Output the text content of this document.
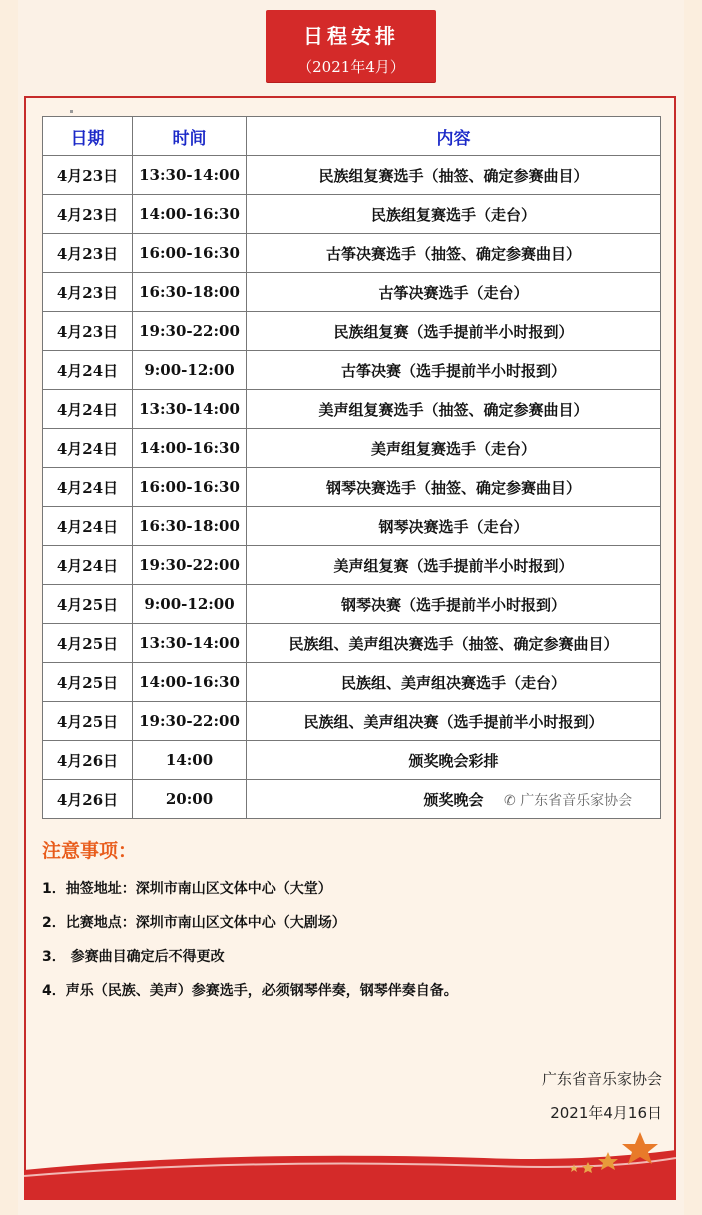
日程安排
（2021年4月）
日期	时间	内容
4月23日	13:30-14:00	民族组复赛选手（抽签、确定参赛曲目）
4月23日	14:00-16:30	民族组复赛选手（走台）
4月23日	16:00-16:30	古筝决赛选手（抽签、确定参赛曲目）
4月23日	16:30-18:00	古筝决赛选手（走台）
4月23日	19:30-22:00	民族组复赛（选手提前半小时报到）
4月24日	9:00-12:00	古筝决赛（选手提前半小时报到）
4月24日	13:30-14:00	美声组复赛选手（抽签、确定参赛曲目）
4月24日	14:00-16:30	美声组复赛选手（走台）
4月24日	16:00-16:30	钢琴决赛选手（抽签、确定参赛曲目）
4月24日	16:30-18:00	钢琴决赛选手（走台）
4月24日	19:30-22:00	美声组复赛（选手提前半小时报到）
4月25日	9:00-12:00	钢琴决赛（选手提前半小时报到）
4月25日	13:30-14:00	民族组、美声组决赛选手（抽签、确定参赛曲目）
4月25日	14:00-16:30	民族组、美声组决赛选手（走台）
4月25日	19:30-22:00	民族组、美声组决赛（选手提前半小时报到）
4月26日	14:00	颁奖晚会彩排
4月26日	20:00	颁奖晚会 ✆ 广东省音乐家协会
注意事项：
1．抽签地址：深圳市南山区文体中心（大堂）
2．比赛地点：深圳市南山区文体中心（大剧场）
3． 参赛曲目确定后不得更改
4．声乐（民族、美声）参赛选手，必须钢琴伴奏，钢琴伴奏自备。
广东省音乐家协会
2021年4月16日
